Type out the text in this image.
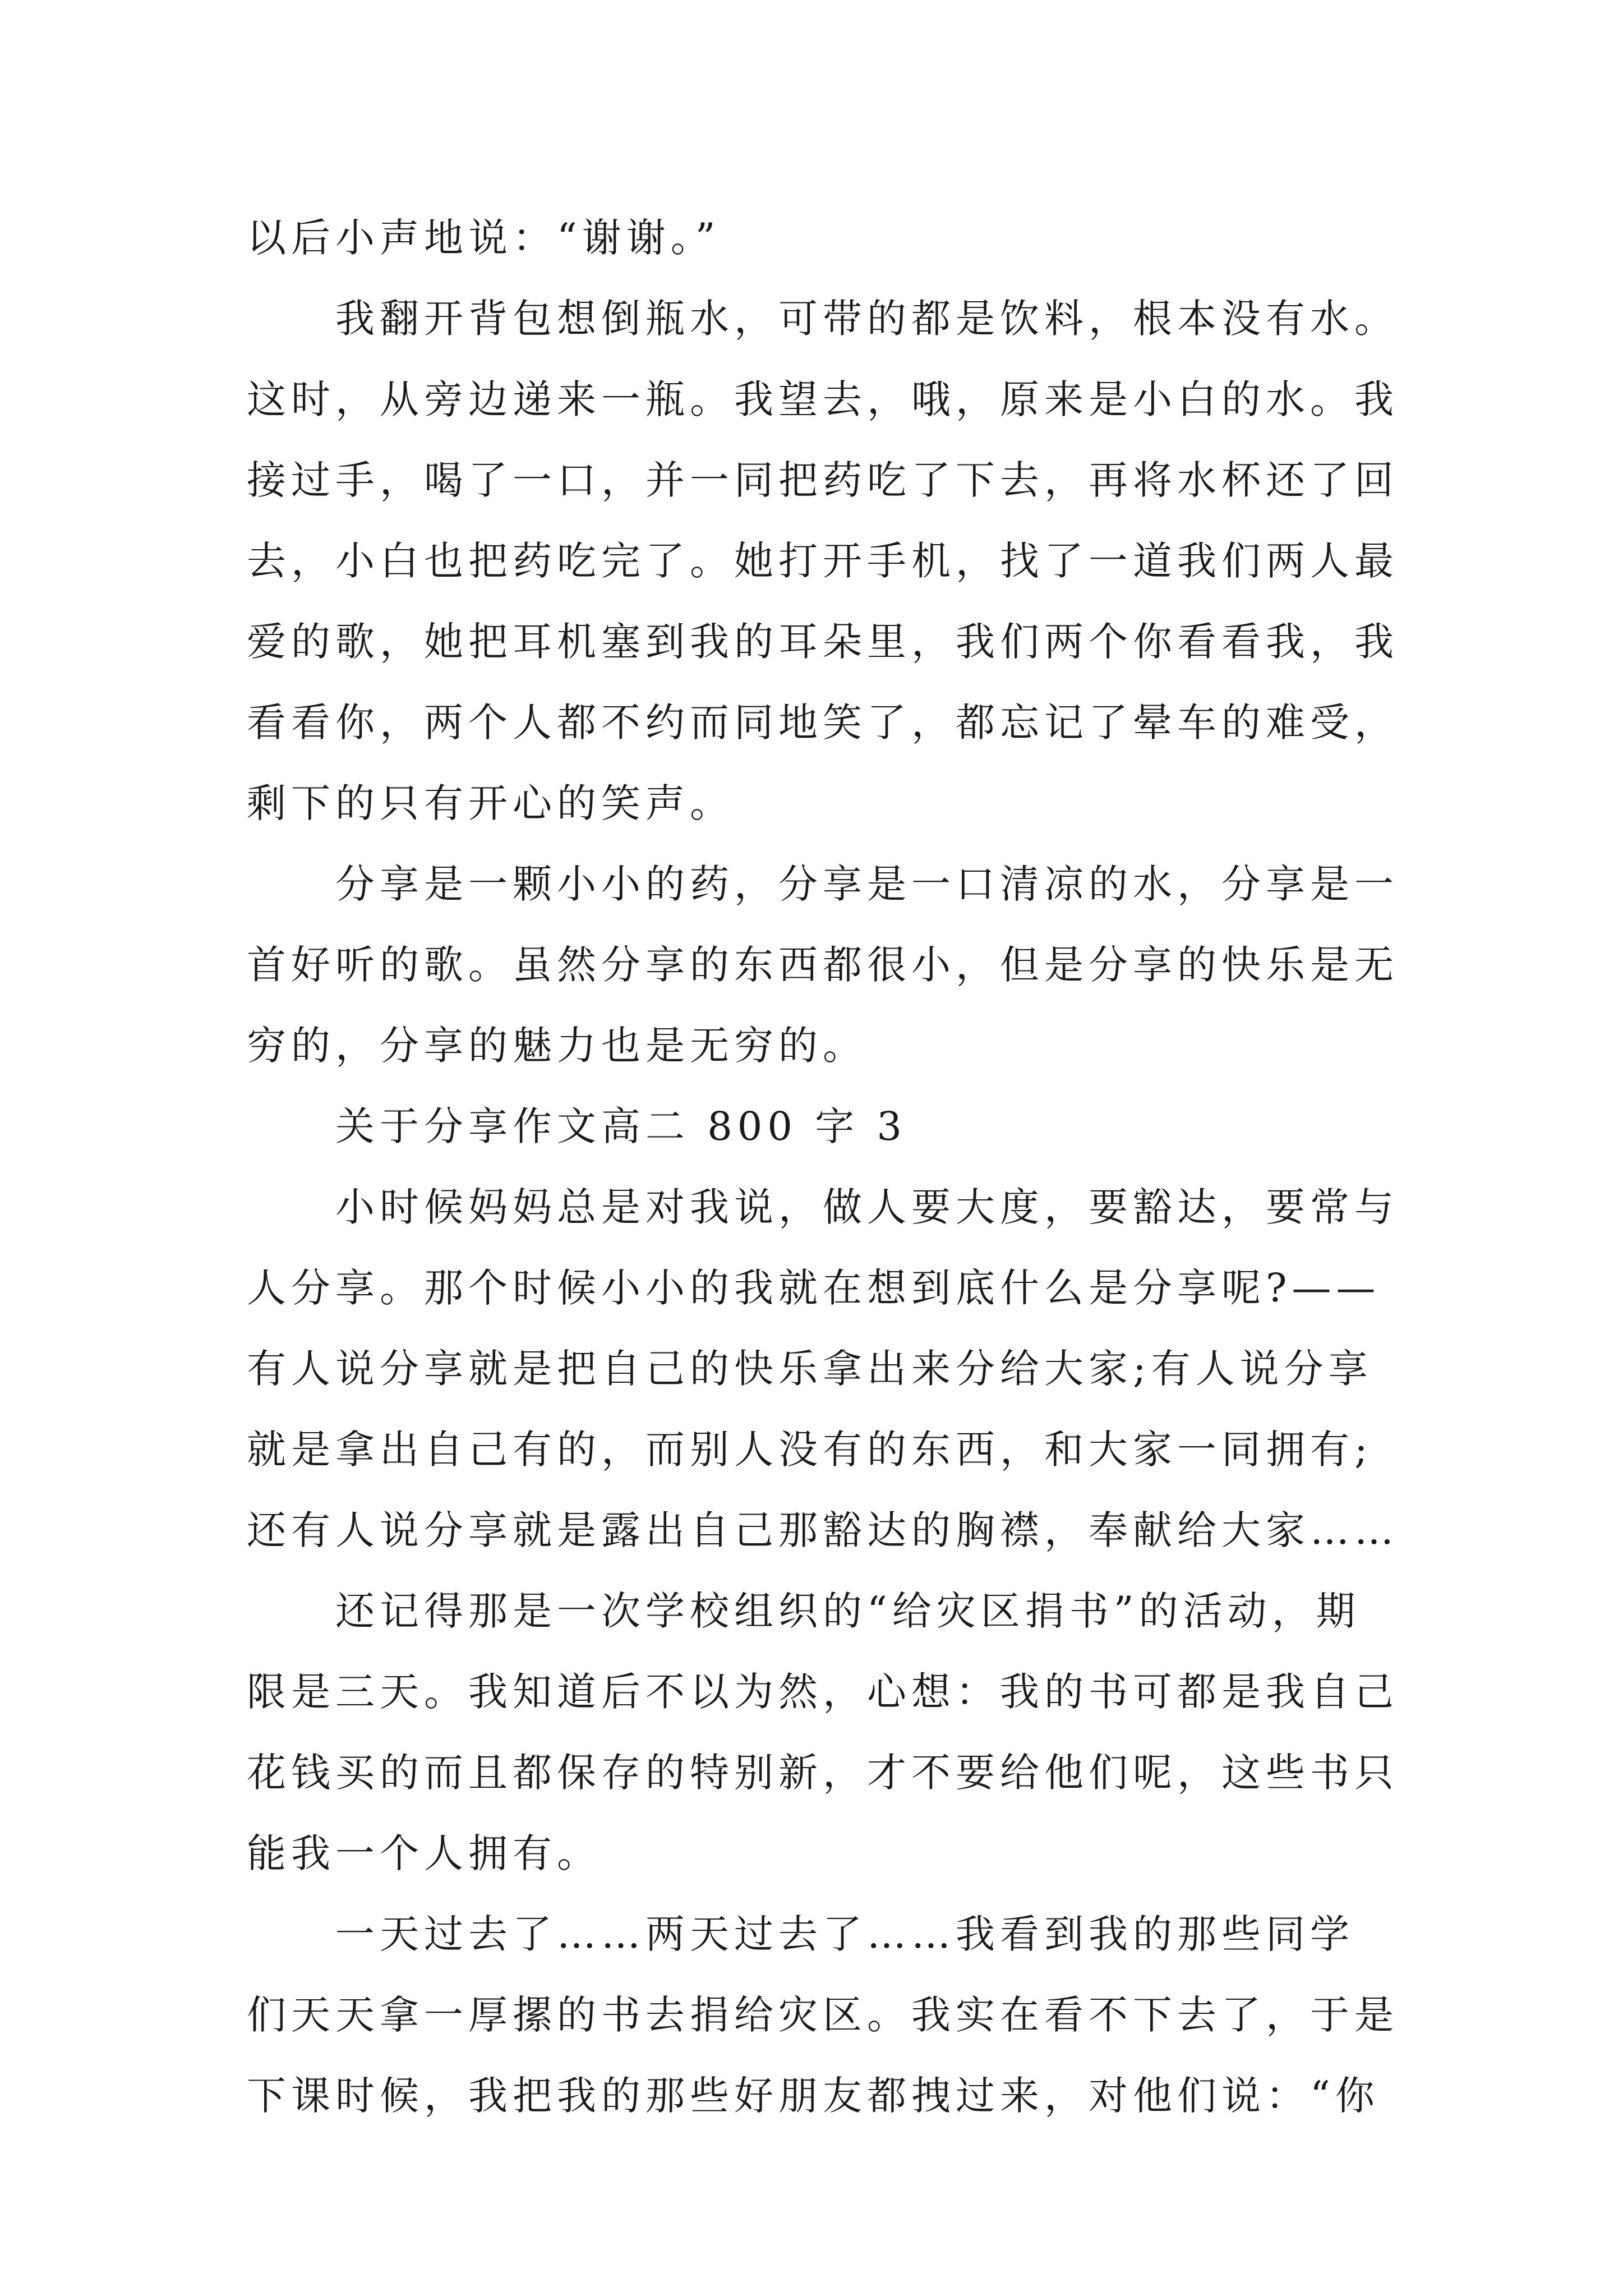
以后小声地说：“谢谢。”

我翻开背包想倒瓶水，可带的都是饮料，根本没有水。
这时，从旁边递来一瓶。我望去，哦，原来是小白的水。我
接过手，喝了一口，并一同把药吃了下去，再将水杯还了回
去，小白也把药吃完了。她打开手机，找了一道我们两人最
爱的歌，她把耳机塞到我的耳朵里，我们两个你看看我，我
看看你，两个人都不约而同地笑了，都忘记了晕车的难受，
剩下的只有开心的笑声。

分享是一颗小小的药，分享是一口清凉的水，分享是一
首好听的歌。虽然分享的东西都很小，但是分享的快乐是无
穷的，分享的魅力也是无穷的。

关于分享作文高二 800 字 3

小时候妈妈总是对我说，做人要大度，要豁达，要常与
人分享。那个时候小小的我就在想到底什么是分享呢?——
有人说分享就是把自己的快乐拿出来分给大家;有人说分享
就是拿出自己有的，而别人没有的东西，和大家一同拥有;
还有人说分享就是露出自己那豁达的胸襟，奉献给大家……

还记得那是一次学校组织的“给灾区捐书”的活动，期
限是三天。我知道后不以为然，心想：我的书可都是我自己
花钱买的而且都保存的特别新，才不要给他们呢，这些书只
能我一个人拥有。

一天过去了……两天过去了……我看到我的那些同学
们天天拿一厚摞的书去捐给灾区。我实在看不下去了，于是
下课时候，我把我的那些好朋友都拽过来，对他们说：“你
